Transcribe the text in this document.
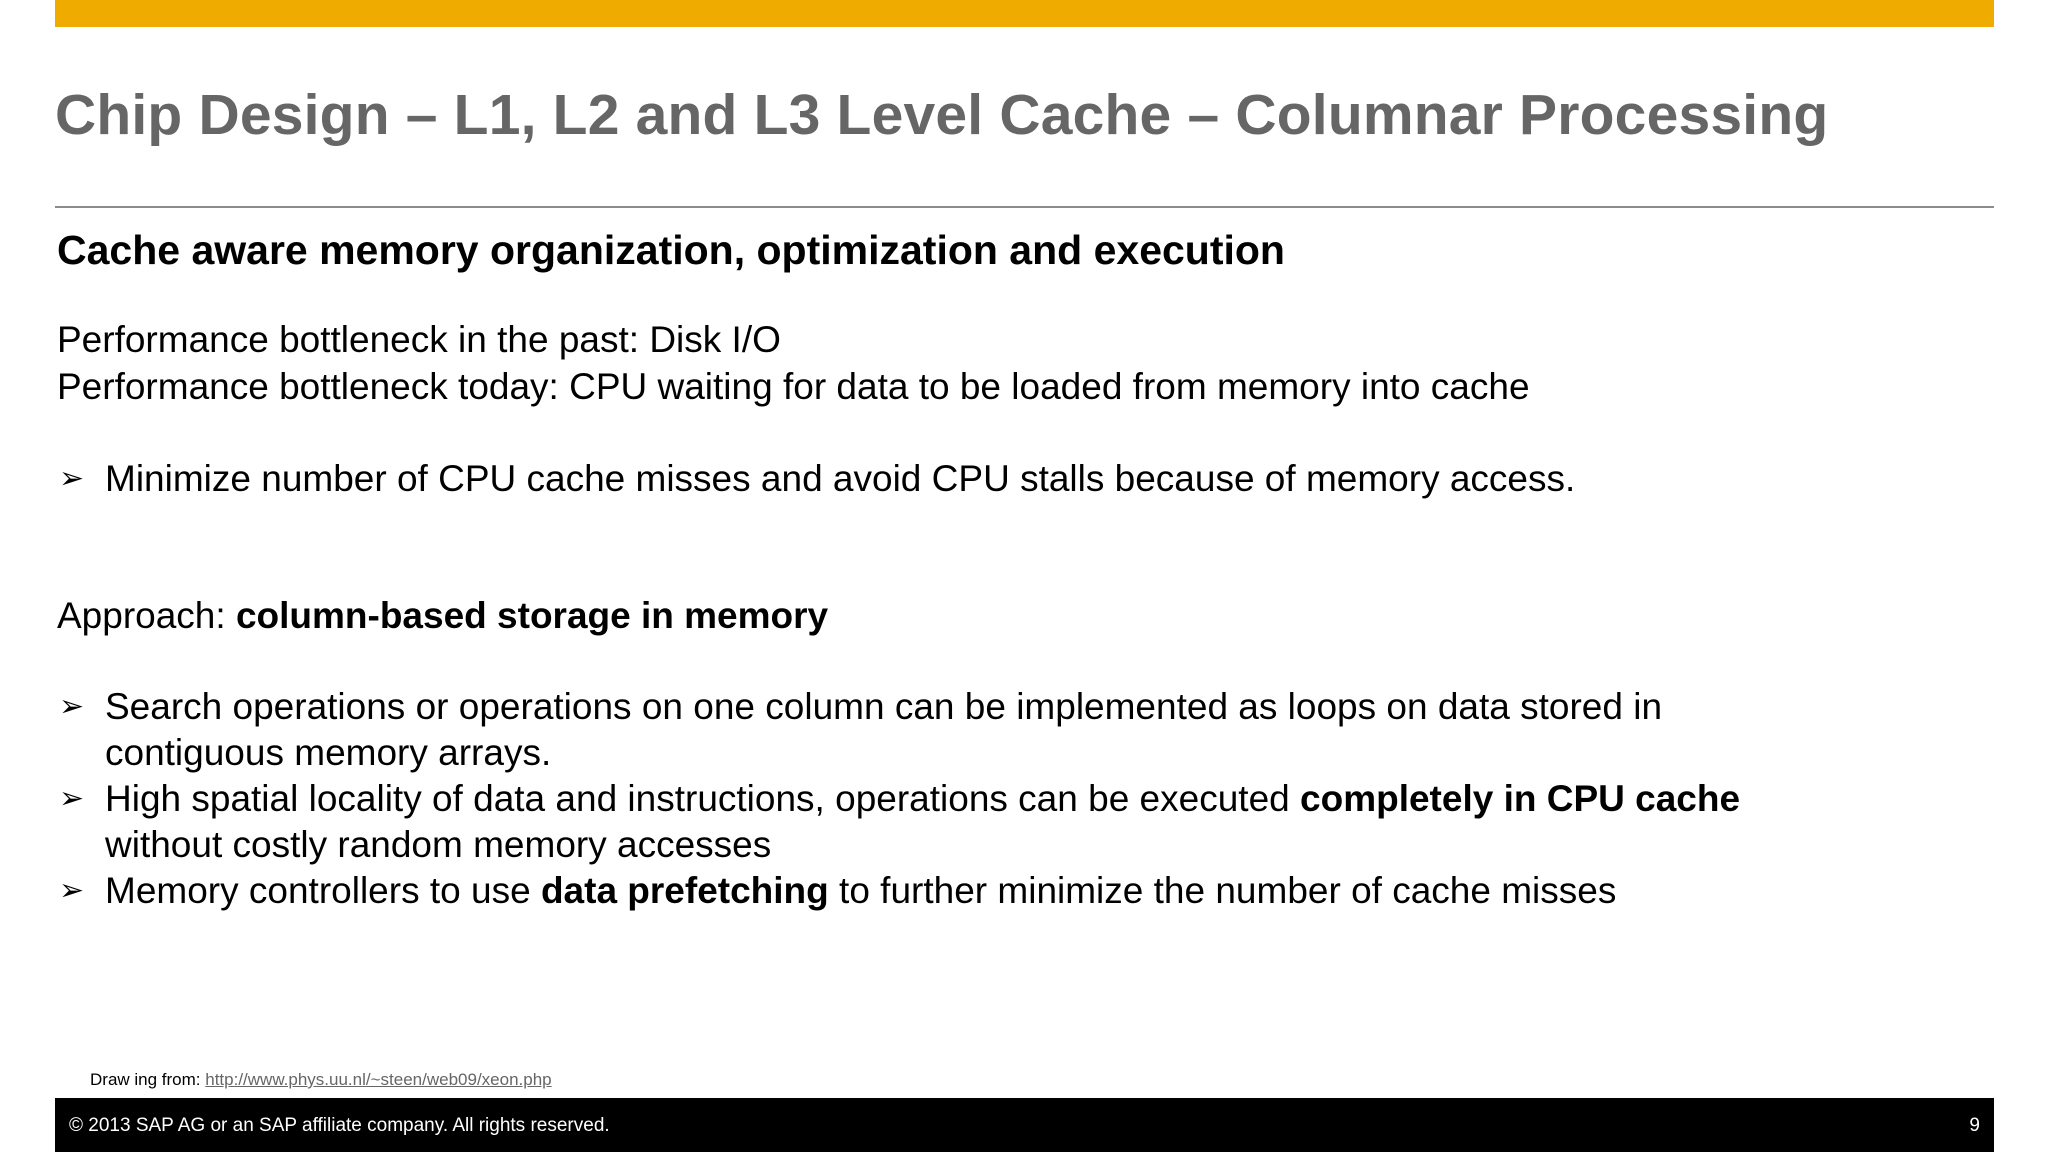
Chip Design – L1, L2 and L3 Level Cache – Columnar Processing
Cache aware memory organization, optimization and execution
Performance bottleneck in the past: Disk I/O
Performance bottleneck today: CPU waiting for data to be loaded from memory into cache
➢ Minimize number of CPU cache misses and avoid CPU stalls because of memory access.
Approach: column-based storage in memory
➢ Search operations or operations on one column can be implemented as loops on data stored in
contiguous memory arrays.
➢ High spatial locality of data and instructions, operations can be executed completely in CPU cache
without costly random memory accesses
➢ Memory controllers to use data prefetching to further minimize the number of cache misses
Draw ing from: http://www.phys.uu.nl/~steen/web09/xeon.php
© 2013 SAP AG or an SAP affiliate company. All rights reserved.	9
